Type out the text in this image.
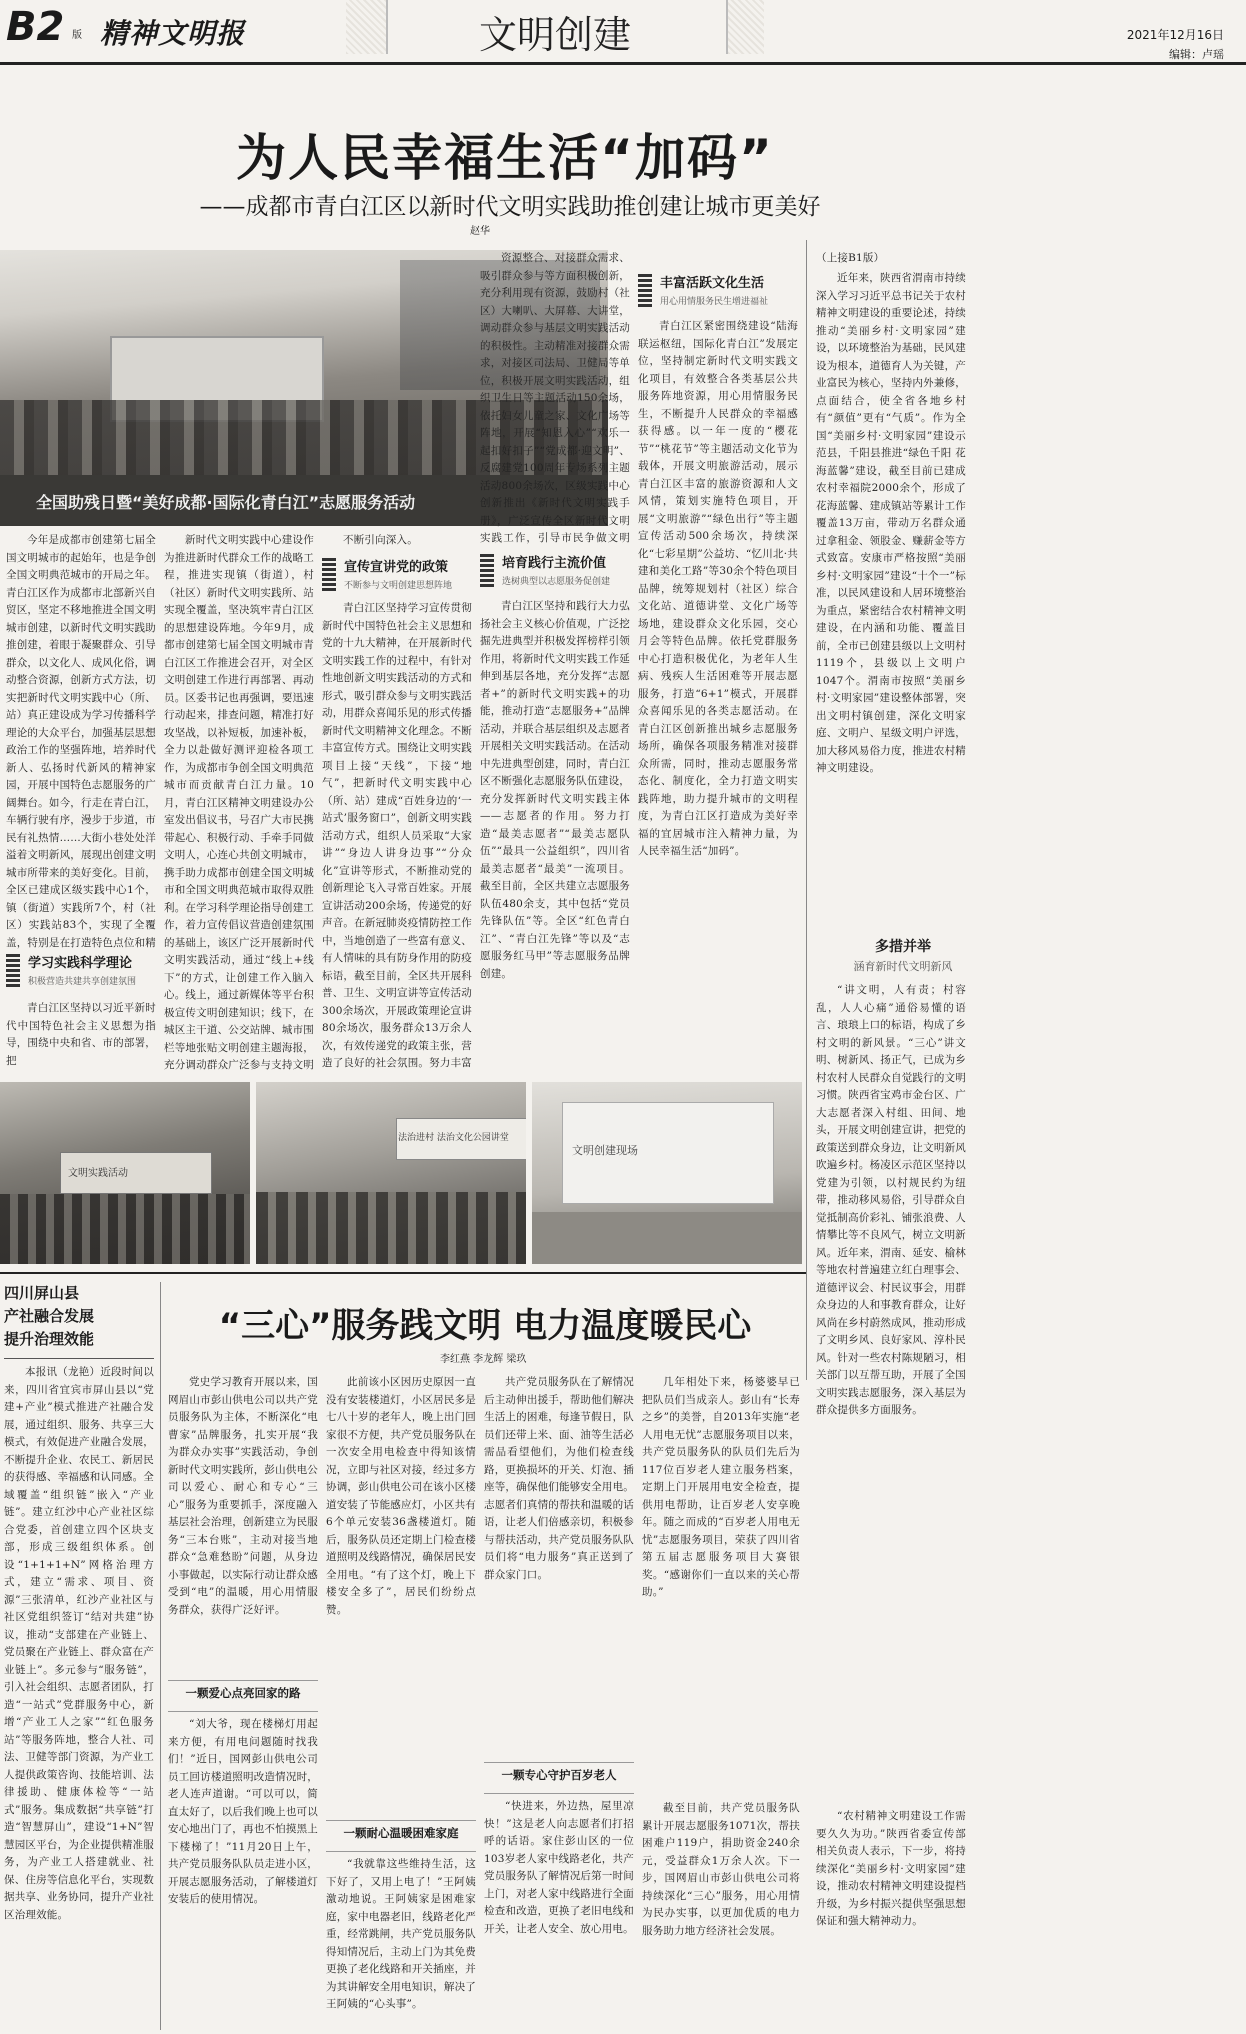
B2 版 精神文明报	文明创建	2021年12月16日
编辑：卢瑶
为人民幸福生活“加码”
——成都市青白江区以新时代文明实践助推创建让城市更美好
赵华
全国助残日暨“美好成都·国际化青白江”志愿服务活动

今年是成都市创建第七届全国文明城市的起始年，也是争创全国文明典范城市的开局之年。青白江区作为成都市北部新兴自贸区，坚定不移地推进全国文明城市创建，以新时代文明实践助推创建，着眼于凝聚群众、引导群众，以文化人、成风化俗，调动整合资源，创新方式方法，切实把新时代文明实践中心（所、站）真正建设成为学习传播科学理论的大众平台，加强基层思想政治工作的坚强阵地，培养时代新人、弘扬时代新风的精神家园，开展中国特色志愿服务的广阔舞台。如今，行走在青白江，车辆行驶有序，漫步于步道，市民有礼热情……大街小巷处处洋溢着文明新风，展现出创建文明城市所带来的美好变化。目前，全区已建成区级实践中心1个，镇（街道）实践所7个，村（社区）实践站83个，实现了全覆盖，特别是在打造特色点位和精

学习实践科学理论
积极营造共建共享创建氛围

青白江区坚持以习近平新时代中国特色社会主义思想为指导，围绕中央和省、市的部署，把

新时代文明实践中心建设作为推进新时代群众工作的战略工程，推进实现镇（街道），村（社区）新时代文明实践所、站实现全覆盖，坚决筑牢青白江区的思想建设阵地。今年9月，成都市创建第七届全国文明城市青白江区工作推进会召开，对全区文明创建工作进行再部署、再动员。区委书记也再强调，要迅速行动起来，排查问题，精准打好攻坚战，以补短板，加速补板，全力以赴做好测评迎检各项工作，为成都市争创全国文明典范城市而贡献青白江力量。10月，青白江区精神文明建设办公室发出倡议书，号召广大市民携带起心、积极行动、手牵手同做文明人，心连心共创文明城市，携手助力成都市创建全国文明城市和全国文明典范城市取得双胜利。在学习科学理论指导创建工作，着力宣传倡议营造创建氛围的基础上，该区广泛开展新时代文明实践活动，通过“线上+线下”的方式，让创建工作入脑入心。线上，通过新媒体等平台积极宣传文明创建知识；线下，在城区主干道、公交站牌、城市围栏等地张贴文明创建主题海报，充分调动群众广泛参与支持文明

不断引向深入。

宣传宣讲党的政策
不断参与文明创建思想阵地

青白江区坚持学习宣传贯彻新时代中国特色社会主义思想和党的十九大精神，在开展新时代文明实践工作的过程中，有针对性地创新文明实践活动的方式和形式，吸引群众参与文明实践活动，用群众喜闻乐见的形式传播新时代文明精神文化理念。不断丰富宣传方式。围绕让文明实践项目上接“天线”，下接“地气”，把新时代文明实践中心（所、站）建成“百姓身边的‘一站式’服务窗口”，创新文明实践活动方式，组织人员采取“大家讲”“身边人讲身边事”“分众化”宣讲等形式，不断推动党的创新理论飞入寻常百姓家。开展宣讲活动200余场，传递党的好声音。在新冠肺炎疫情防控工作中，当地创造了一些富有意义、有人情味的具有防身作用的防疫标语，截至目前，全区共开展科普、卫生、文明宣讲等宣传活动300余场次，开展政策理论宣讲80余场次，服务群众13万余人次，有效传递党的政策主张，营造了良好的社会氛围。努力丰富

资源整合、对接群众需求、吸引群众参与等方面积极创新，充分利用现有资源，鼓励村（社区）大喇叭、大屏幕、大讲堂，调动群众参与基层文明实践活动的积极性。主动精准对接群众需求，对接区司法局、卫健局等单位，积极开展文明实践活动，组织卫生日等主题活动150余场，依托妇女儿童之家、文化广场等阵地，开展“知恩入心”“欢乐一起扣好扣子”“党成都·迎文明”、反腐建党100周年专场系列主题活动800余场次，区级实践中心创新推出《新时代文明实践手册》，广泛宣传全区新时代文明实践工作，引导市民争做文明

培育践行主流价值
选树典型以志愿服务促创建

青白江区坚持和践行大力弘扬社会主义核心价值观，广泛挖掘先进典型并积极发挥榜样引领作用，将新时代文明实践工作延伸到基层各地，充分发挥“志愿者+”的新时代文明实践+的功能，推动打造“志愿服务+”品牌活动，并联合基层组织及志愿者开展相关文明实践活动。在活动中先进典型创建，同时，青白江区不断强化志愿服务队伍建设，充分发挥新时代文明实践主体——志愿者的作用。努力打造“最美志愿者”“最美志愿队伍”“最具一公益组织”，四川省最美志愿者“最美”一流项目。截至目前，全区共建立志愿服务队伍480余支，其中包括“党员先锋队伍”等。全区“红色青白江”、“青白江先锋”等以及“志愿服务红马甲”等志愿服务品牌创建。

丰富活跃文化生活
用心用情服务民生增进福祉

青白江区紧密围绕建设“陆海联运枢纽，国际化青白江”发展定位，坚持制定新时代文明实践文化项目，有效整合各类基层公共服务阵地资源，用心用情服务民生，不断提升人民群众的幸福感获得感。以一年一度的“樱花节”“桃花节”等主题活动文化节为载体，开展文明旅游活动，展示青白江区丰富的旅游资源和人文风情，策划实施特色项目，开展“文明旅游”“绿色出行”等主题宣传活动500余场次，持续深化“七彩星期”公益坊、“忆川北·共建和美化工路”等30余个特色项目品牌，统筹规划村（社区）综合文化站、道德讲堂、文化广场等场地，建设群众文化乐园，交心月会等特色品牌。依托党群服务中心打造积极优化，为老年人生病、残疾人生活困难等开展志愿服务，打造“6+1”模式，开展群众喜闻乐见的各类志愿活动。在青白江区创新推出城乡志愿服务场所，确保各项服务精准对接群众所需，同时，推动志愿服务常态化、制度化，全力打造文明实践阵地，助力提升城市的文明程度，为青白江区打造成为美好幸福的宜居城市注入精神力量，为人民幸福生活“加码”。

（上接B1版）

近年来，陕西省渭南市持续深入学习习近平总书记关于农村精神文明建设的重要论述，持续推动“美丽乡村·文明家园”建设，以环境整治为基础，民风建设为根本，道德育人为关键，产业富民为核心，坚持内外兼修，点面结合，使全省各地乡村有“颜值”更有“气质”。作为全国“美丽乡村·文明家园”建设示范县，千阳县推进“绿色千阳 花海蓝馨”建设，截至目前已建成农村幸福院2000余个，形成了花海蓝馨、建成镇站等累计工作覆盖13万亩，带动万名群众通过拿租金、领股金、赚薪金等方式致富。安康市严格按照“美丽乡村·文明家园”建设“十个一”标准，以民风建设和人居环境整治为重点，紧密结合农村精神文明建设，在内涵和功能、覆盖目前，全市已创建县级以上文明村1119个，县级以上文明户1047个。渭南市按照“美丽乡村·文明家园”建设整体部署，突出文明村镇创建，深化文明家庭、文明户、星级文明户评选，加大移风易俗力度，推进农村精神文明建设。

多措并举
涵育新时代文明新风

“讲文明，人有责；村容乱，人人心痛”通俗易懂的语言、琅琅上口的标语，构成了乡村文明的新风景。“三心”讲文明、树新风、扬正气，已成为乡村农村人民群众自觉践行的文明习惯。陕西省宝鸡市金台区、广大志愿者深入村组、田间、地头，开展文明创建宣讲，把党的政策送到群众身边，让文明新风吹遍乡村。杨凌区示范区坚持以党建为引领，以村规民约为纽带，推动移风易俗，引导群众自觉抵制高价彩礼、铺张浪费、人情攀比等不良风气，树立文明新风。近年来，渭南、延安、榆林等地农村普遍建立红白理事会、道德评议会、村民议事会，用群众身边的人和事教育群众，让好风尚在乡村蔚然成风，推动形成了文明乡风、良好家风、淳朴民风。针对一些农村陈规陋习，相关部门以互帮互助，开展了全国文明实践志愿服务，深入基层为群众提供多方面服务。

“农村精神文明建设工作需要久久为功。”陕西省委宣传部相关负责人表示，下一步，将持续深化“美丽乡村·文明家园”建设，推动农村精神文明建设提档升级，为乡村振兴提供坚强思想保证和强大精神动力。

文明实践活动
法治进村 法治文化公园讲堂
文明创建现场
四川屏山县
产社融合发展
提升治理效能

本报讯（龙艳）近段时间以来，四川省宜宾市屏山县以“党建+产业”模式推进产社融合发展，通过组织、服务、共享三大模式，有效促进产业融合发展，不断提升企业、农民工、新居民的获得感、幸福感和认同感。全域覆盖“组织链”嵌入“产业链”。建立红沙中心产业社区综合党委，首创建立四个区块支部，形成三级组织体系。创设“1+1+1+N”网格治理方式，建立“需求、项目、资源”三张清单，红沙产业社区与社区党组织签订“结对共建”协议，推动“支部建在产业链上、党员聚在产业链上、群众富在产业链上”。多元参与“服务链”，引入社会组织、志愿者团队，打造“一站式”党群服务中心，新增“产业工人之家”“红色服务站”等服务阵地，整合人社、司法、卫健等部门资源，为产业工人提供政策咨询、技能培训、法律援助、健康体检等“一站式”服务。集成数据“共享链”打造“智慧屏山”，建设“1+N”智慧园区平台，为企业提供精准服务，为产业工人搭建就业、社保、住房等信息化平台，实现数据共享、业务协同，提升产业社区治理效能。

“三心”服务践文明 电力温度暖民心
李红燕 李龙辉 梁玖

党史学习教育开展以来，国网眉山市彭山供电公司以共产党员服务队为主体，不断深化“电曹家”品牌服务，扎实开展“我为群众办实事”实践活动，争创新时代文明实践所，彭山供电公司以爱心、耐心和专心“三心”服务为重要抓手，深度融入基层社会治理，创新建立为民服务“三本台账”，主动对接当地群众“急难愁盼”问题，从身边小事做起，以实际行动让群众感受到“电”的温暖，用心用情服务群众，获得广泛好评。

一颗爱心点亮回家的路

“刘大爷，现在楼梯灯用起来方便，有用电问题随时找我们！”近日，国网彭山供电公司员工回访楼道照明改造情况时，老人连声道谢。“可以可以，简直太好了，以后我们晚上也可以安心地出门了，再也不怕摸黑上下楼梯了！”11月20日上午，共产党员服务队队员走进小区，开展志愿服务活动，了解楼道灯安装后的使用情况。

此前该小区因历史原因一直没有安装楼道灯，小区居民多是七八十岁的老年人，晚上出门回家很不方便，共产党员服务队在一次安全用电检查中得知该情况，立即与社区对接，经过多方协调，彭山供电公司在该小区楼道安装了节能感应灯，小区共有6个单元安装36盏楼道灯。随后，服务队员还定期上门检查楼道照明及线路情况，确保居民安全用电。“有了这个灯，晚上下楼安全多了”，居民们纷纷点赞。

一颗耐心温暖困难家庭

“我就靠这些维持生活，这下好了，又用上电了！”王阿姨激动地说。王阿姨家是困难家庭，家中电器老旧，线路老化严重，经常跳闸，共产党员服务队得知情况后，主动上门为其免费更换了老化线路和开关插座，并为其讲解安全用电知识，解决了王阿姨的“心头事”。

共产党员服务队在了解情况后主动伸出援手，帮助他们解决生活上的困难，每逢节假日，队员们还带上米、面、油等生活必需品看望他们，为他们检查线路，更换损坏的开关、灯泡、插座等，确保他们能够安全用电。志愿者们真情的帮扶和温暖的话语，让老人们倍感亲切，积极参与帮扶活动，共产党员服务队队员们将“电力服务”真正送到了群众家门口。

一颗专心守护百岁老人

“快进来，外边热，屋里凉快！”这是老人向志愿者们打招呼的话语。家住彭山区的一位103岁老人家中线路老化，共产党员服务队了解情况后第一时间上门，对老人家中线路进行全面检查和改造，更换了老旧电线和开关，让老人安全、放心用电。

几年相处下来，杨婆婆早已把队员们当成亲人。彭山有“长寿之乡”的美誉，自2013年实施“老人用电无忧”志愿服务项目以来，共产党员服务队的队员们先后为117位百岁老人建立服务档案，定期上门开展用电安全检查，提供用电帮助，让百岁老人安享晚年。随之而成的“百岁老人用电无忧”志愿服务项目，荣获了四川省第五届志愿服务项目大赛银奖。“感谢你们一直以来的关心帮助。”

截至目前，共产党员服务队累计开展志愿服务1071次，帮扶困难户119户，捐助资金240余元，受益群众1万余人次。下一步，国网眉山市彭山供电公司将持续深化“三心”服务，用心用情为民办实事，以更加优质的电力服务助力地方经济社会发展。
